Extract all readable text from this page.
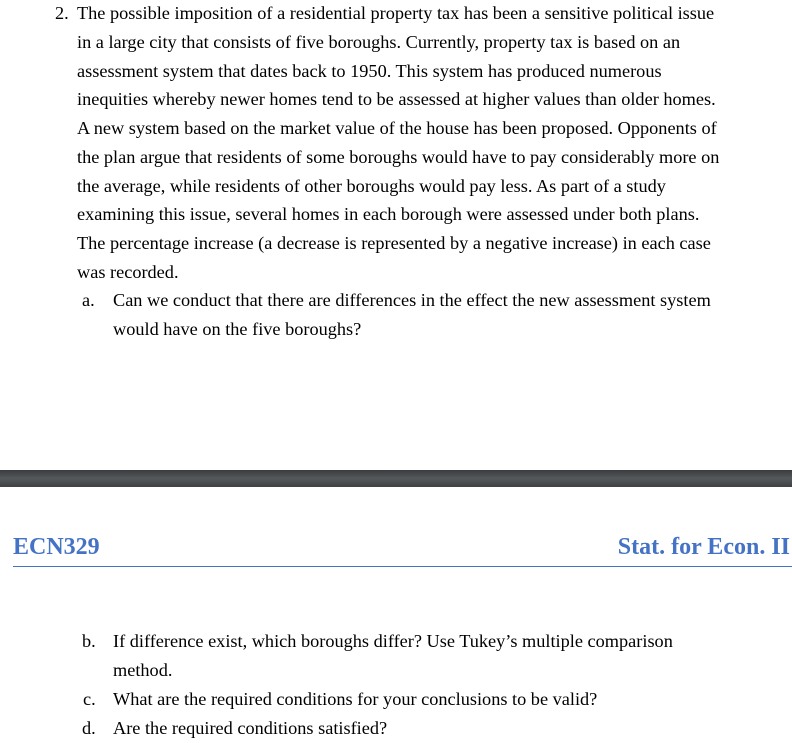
2. The possible imposition of a residential property tax has been a sensitive political issue
in a large city that consists of five boroughs. Currently, property tax is based on an
assessment system that dates back to 1950. This system has produced numerous
inequities whereby newer homes tend to be assessed at higher values than older homes.
A new system based on the market value of the house has been proposed. Opponents of
the plan argue that residents of some boroughs would have to pay considerably more on
the average, while residents of other boroughs would pay less. As part of a study
examining this issue, several homes in each borough were assessed under both plans.
The percentage increase (a decrease is represented by a negative increase) in each case
was recorded.
a. Can we conduct that there are differences in the effect the new assessment system
would have on the five boroughs?
ECN329	Stat. for Econ. II
b. If difference exist, which boroughs differ? Use Tukey’s multiple comparison
method.
c. What are the required conditions for your conclusions to be valid?
d. Are the required conditions satisfied?
